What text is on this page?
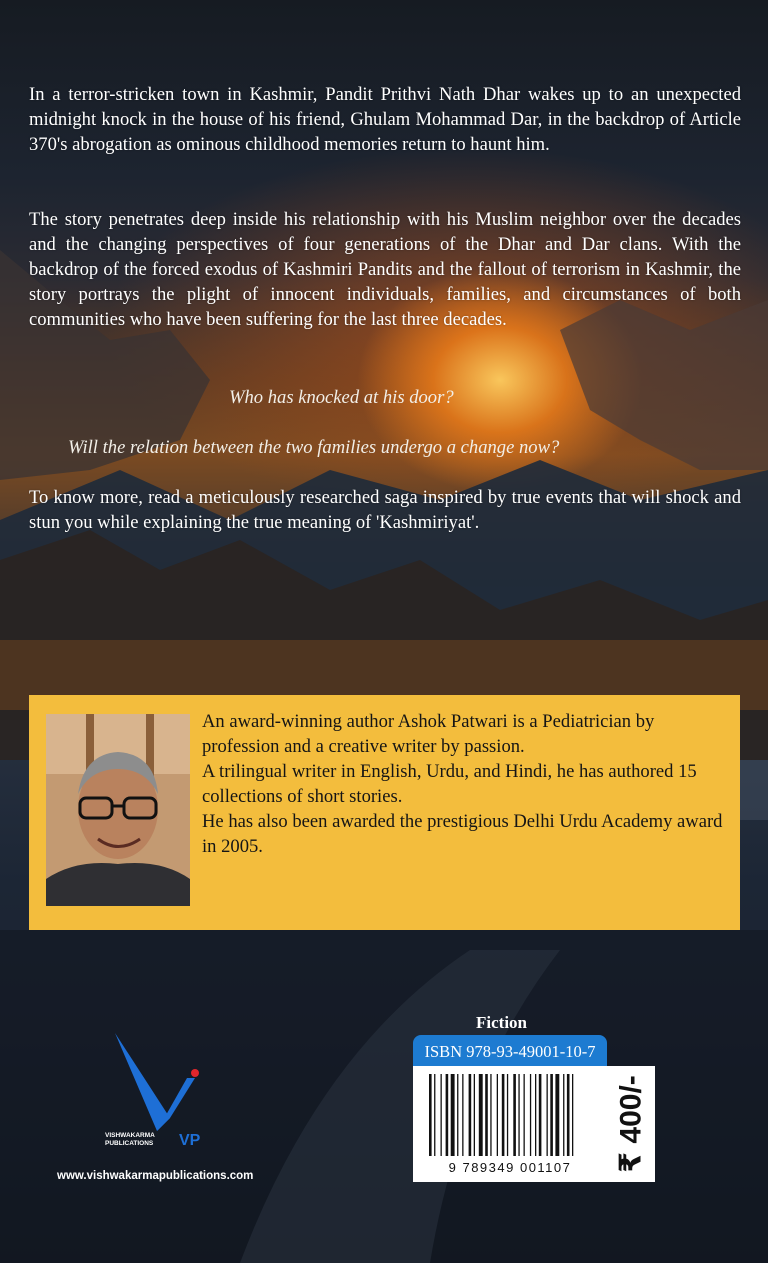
In a terror-stricken town in Kashmir, Pandit Prithvi Nath Dhar wakes up to an unexpected midnight knock in the house of his friend, Ghulam Mohammad Dar, in the backdrop of Article 370's abrogation as ominous childhood memories return to haunt him.
The story penetrates deep inside his relationship with his Muslim neighbor over the decades and the changing perspectives of four generations of the Dhar and Dar clans. With the backdrop of the forced exodus of Kashmiri Pandits and the fallout of terrorism in Kashmir, the story portrays the plight of innocent individuals, families, and circumstances of both communities who have been suffering for the last three decades.
Who has knocked at his door?
Will the relation between the two families undergo a change now?
To know more, read a meticulously researched saga inspired by true events that will shock and stun you while explaining the true meaning of 'Kashmiriyat'.
An award-winning author Ashok Patwari is a Pediatrician by profession and a creative writer by passion.
A trilingual writer in English, Urdu, and Hindi, he has authored 15 collections of short stories.
He has also been awarded the prestigious Delhi Urdu Academy award in 2005.
VISHWAKARMA
PUBLICATIONS VP
www.vishwakarmapublications.com
Fiction
ISBN 978-93-49001-10-7
9 789349 001107	₹ 400/-
